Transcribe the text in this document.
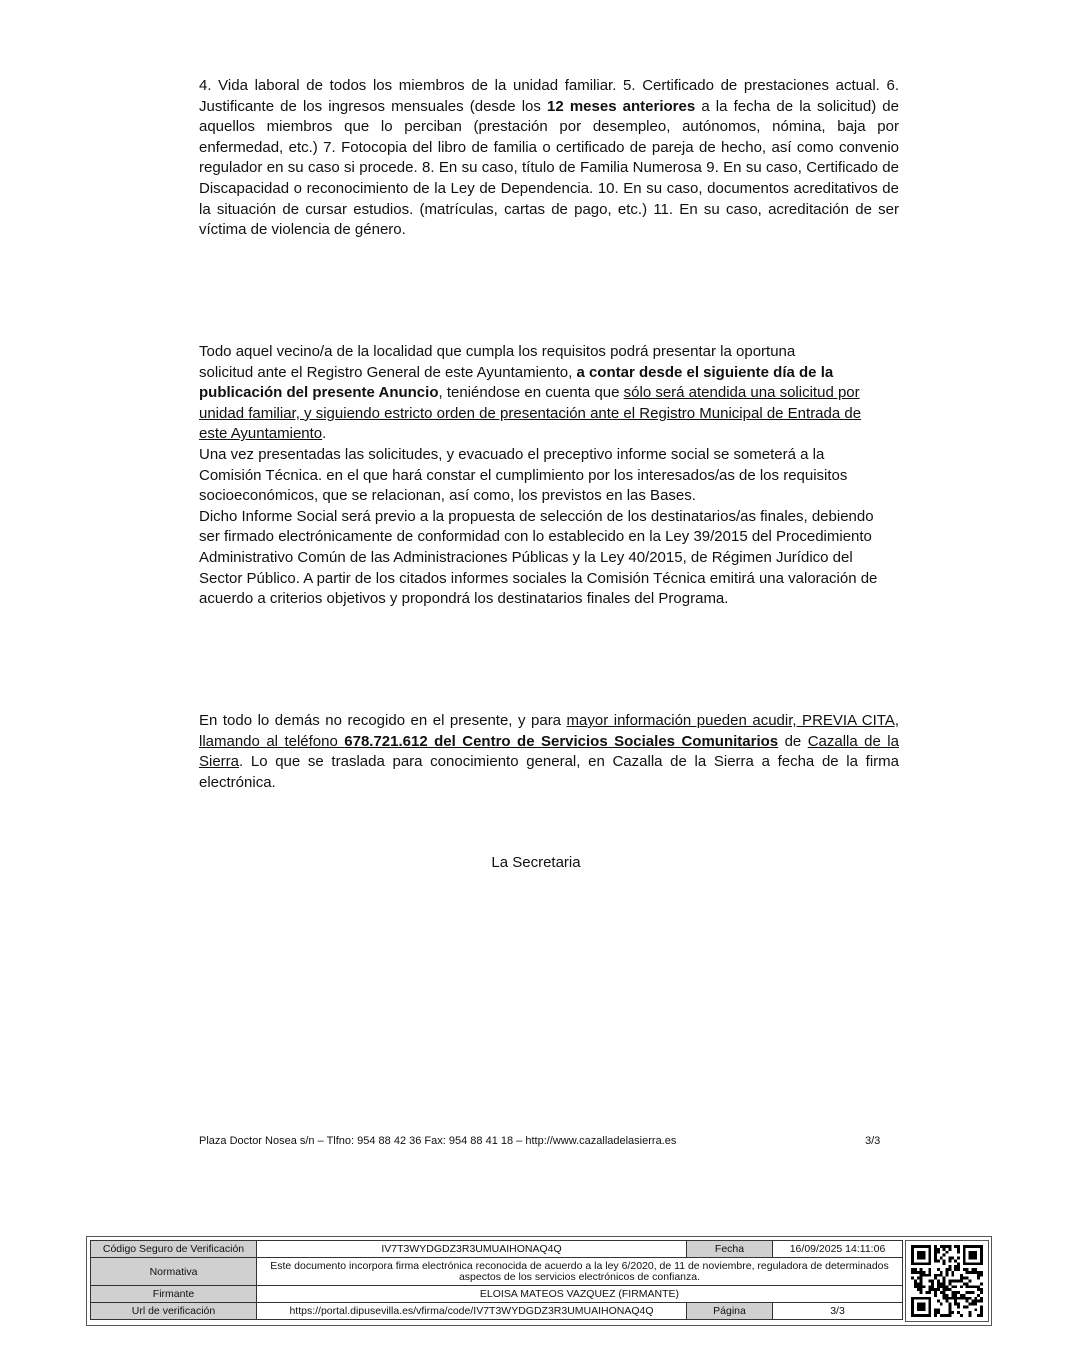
4. Vida laboral de todos los miembros de la unidad familiar. 5. Certificado de prestaciones actual. 6. Justificante de los ingresos mensuales (desde los 12 meses anteriores a la fecha de la solicitud) de aquellos miembros que lo perciban (prestación por desempleo, autónomos, nómina, baja por enfermedad, etc.) 7. Fotocopia del libro de familia o certificado de pareja de hecho, así como convenio regulador en su caso si procede. 8. En su caso, título de Familia Numerosa 9. En su caso, Certificado de Discapacidad o reconocimiento de la Ley de Dependencia. 10. En su caso, documentos acreditativos de la situación de cursar estudios. (matrículas, cartas de pago, etc.) 11. En su caso, acreditación de ser víctima de violencia de género.
Todo aquel vecino/a de la localidad que cumpla los requisitos podrá presentar la oportuna
solicitud ante el Registro General de este Ayuntamiento, a contar desde el siguiente día de la
publicación del presente Anuncio, teniéndose en cuenta que sólo será atendida una solicitud por unidad familiar, y siguiendo estricto orden de presentación ante el Registro Municipal de Entrada de este Ayuntamiento.
Una vez presentadas las solicitudes, y evacuado el preceptivo informe social se someterá a la Comisión Técnica. en el que hará constar el cumplimiento por los interesados/as de los requisitos socioeconómicos, que se relacionan, así como, los previstos en las Bases.
Dicho Informe Social será previo a la propuesta de selección de los destinatarios/as finales, debiendo ser firmado electrónicamente de conformidad con lo establecido en la Ley 39/2015 del Procedimiento Administrativo Común de las Administraciones Públicas y la Ley 40/2015, de Régimen Jurídico del Sector Público. A partir de los citados informes sociales la Comisión Técnica emitirá una valoración de acuerdo a criterios objetivos y propondrá los destinatarios finales del Programa.
En todo lo demás no recogido en el presente, y para mayor información pueden acudir, PREVIA CITA, llamando al teléfono 678.721.612 del Centro de Servicios Sociales Comunitarios de Cazalla de la Sierra. Lo que se traslada para conocimiento general, en Cazalla de la Sierra a fecha de la firma electrónica.
La Secretaria
Plaza Doctor Nosea s/n – Tlfno: 954 88 42 36 Fax: 954 88 41 18 – http://www.cazalladelasierra.es	3/3
Código Seguro de Verificación	IV7T3WYDGDZ3R3UMUAIHONAQ4Q	Fecha	16/09/2025 14:11:06
Normativa	Este documento incorpora firma electrónica reconocida de acuerdo a la ley 6/2020, de 11 de noviembre, reguladora de determinados aspectos de los servicios electrónicos de confianza.		
Firmante	ELOISA MATEOS VAZQUEZ (FIRMANTE)		
Url de verificación	https://portal.dipusevilla.es/vfirma/code/IV7T3WYDGDZ3R3UMUAIHONAQ4Q	Página	3/3
